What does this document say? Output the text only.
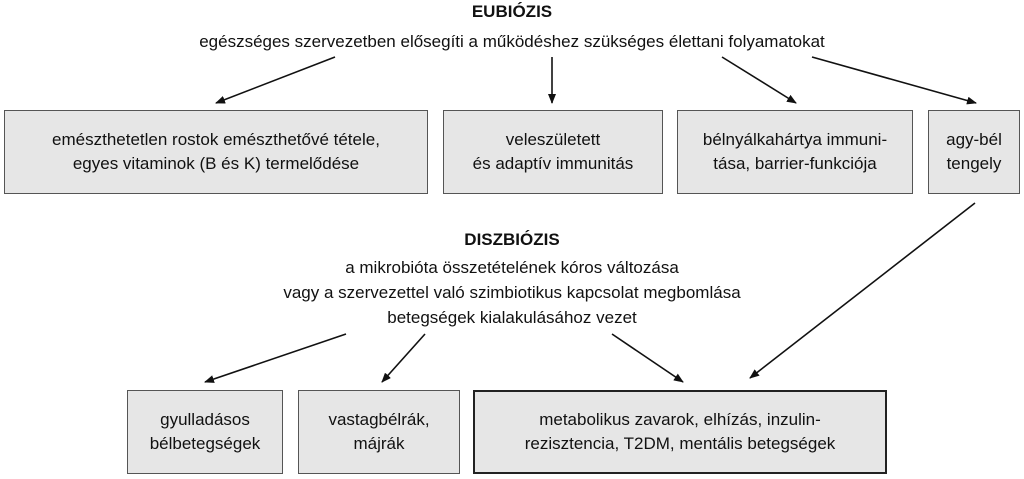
EUBIÓZIS
egészséges szervezetben elősegíti a működéshez szükséges élettani folyamatokat
emészthetetlen rostok emészthetővé tétele,
egyes vitaminok (B és K) termelődése
veleszületett
és adaptív immunitás
bélnyálkahártya immuni-
tása, barrier-funkciója
agy-bél
tengely
DISZBIÓZIS
a mikrobióta összetételének kóros változása
vagy a szervezettel való szimbiotikus kapcsolat megbomlása
betegségek kialakulásához vezet
gyulladásos
bélbetegségek
vastagbélrák,
májrák
metabolikus zavarok, elhízás, inzulin-
rezisztencia, T2DM, mentális betegségek
